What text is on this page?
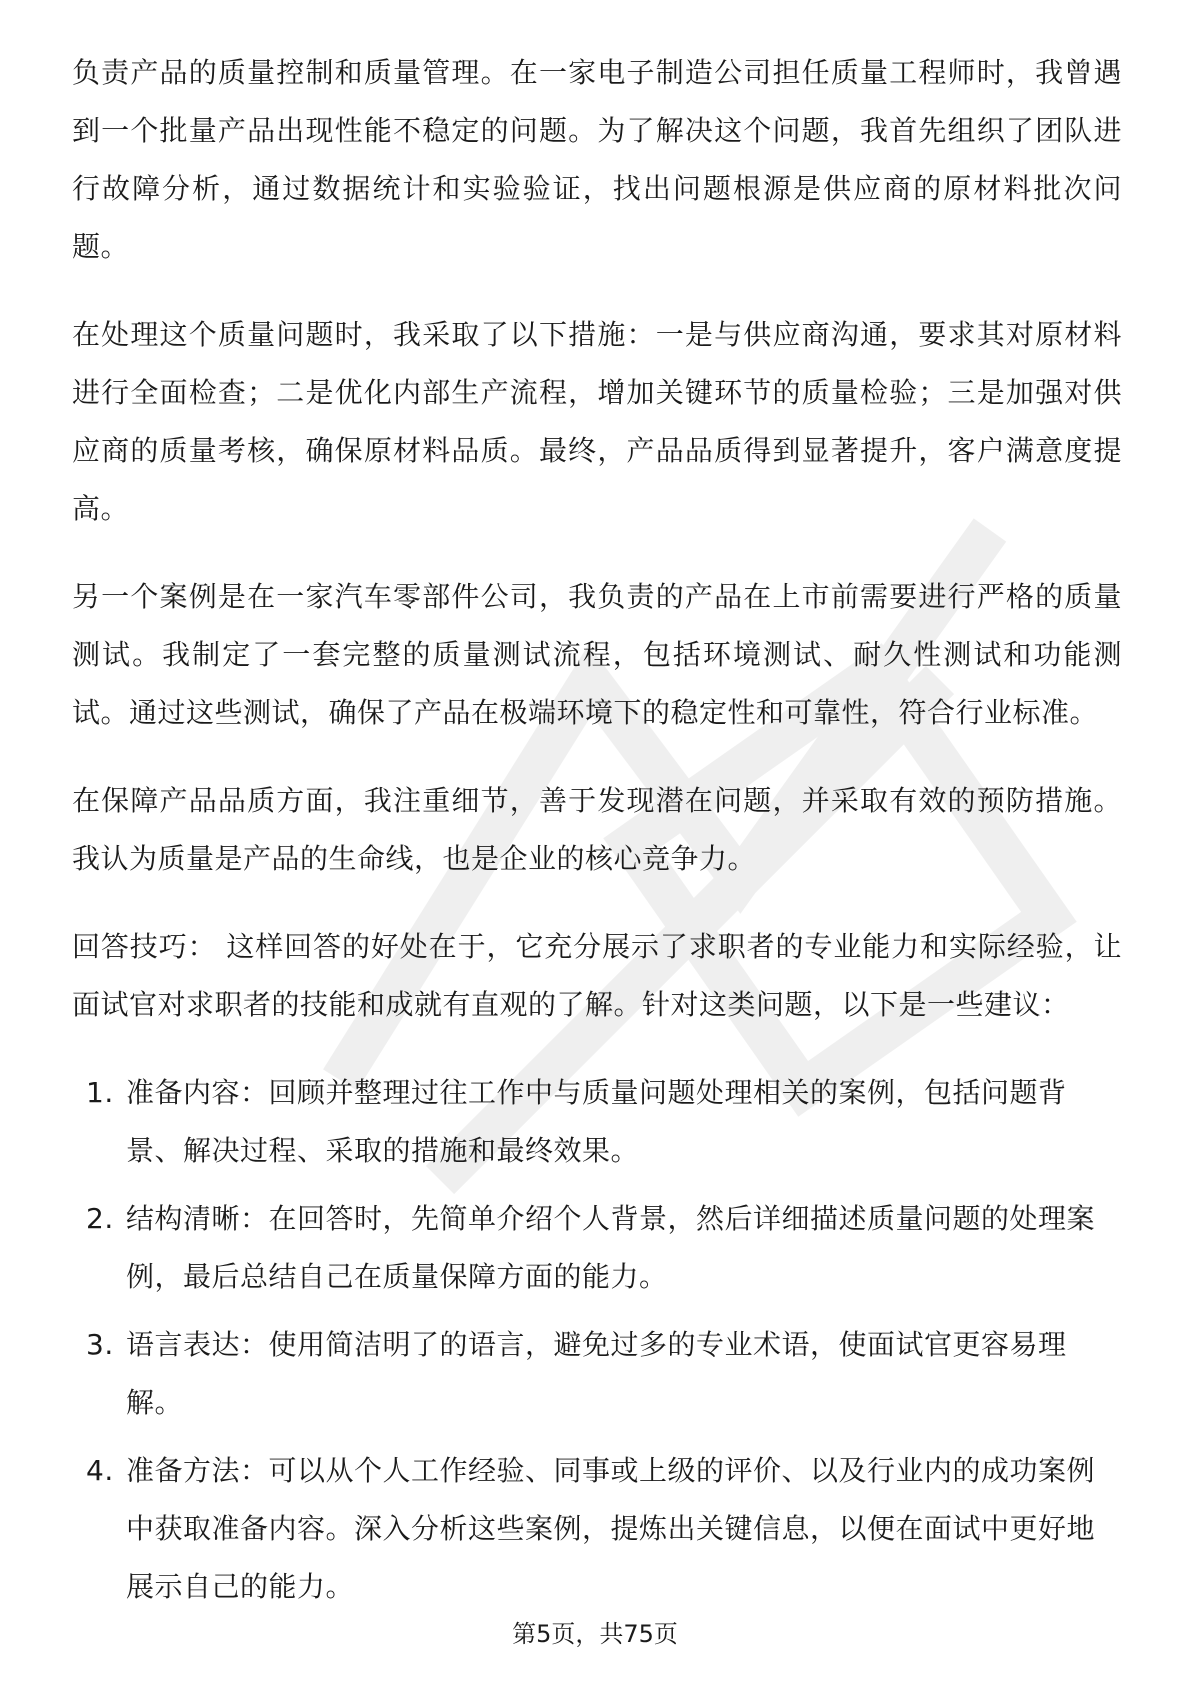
负责产品的质量控制和质量管理。在一家电子制造公司担任质量工程师时，我曾遇到一个批量产品出现性能不稳定的问题。为了解决这个问题，我首先组织了团队进行故障分析，通过数据统计和实验验证，找出问题根源是供应商的原材料批次问题。

在处理这个质量问题时，我采取了以下措施：一是与供应商沟通，要求其对原材料进行全面检查；二是优化内部生产流程，增加关键环节的质量检验；三是加强对供应商的质量考核，确保原材料品质。最终，产品品质得到显著提升，客户满意度提高。

另一个案例是在一家汽车零部件公司，我负责的产品在上市前需要进行严格的质量测试。我制定了一套完整的质量测试流程，包括环境测试、耐久性测试和功能测试。通过这些测试，确保了产品在极端环境下的稳定性和可靠性，符合行业标准。

在保障产品品质方面，我注重细节，善于发现潜在问题，并采取有效的预防措施。我认为质量是产品的生命线，也是企业的核心竞争力。

回答技巧： 这样回答的好处在于，它充分展示了求职者的专业能力和实际经验，让面试官对求职者的技能和成就有直观的了解。针对这类问题，以下是一些建议：

1. 准备内容：回顾并整理过往工作中与质量问题处理相关的案例，包括问题背景、解决过程、采取的措施和最终效果。
2. 结构清晰：在回答时，先简单介绍个人背景，然后详细描述质量问题的处理案例，最后总结自己在质量保障方面的能力。
3. 语言表达：使用简洁明了的语言，避免过多的专业术语，使面试官更容易理解。
4. 准备方法：可以从个人工作经验、同事或上级的评价、以及行业内的成功案例中获取准备内容。深入分析这些案例，提炼出关键信息，以便在面试中更好地展示自己的能力。
第5页，共75页
